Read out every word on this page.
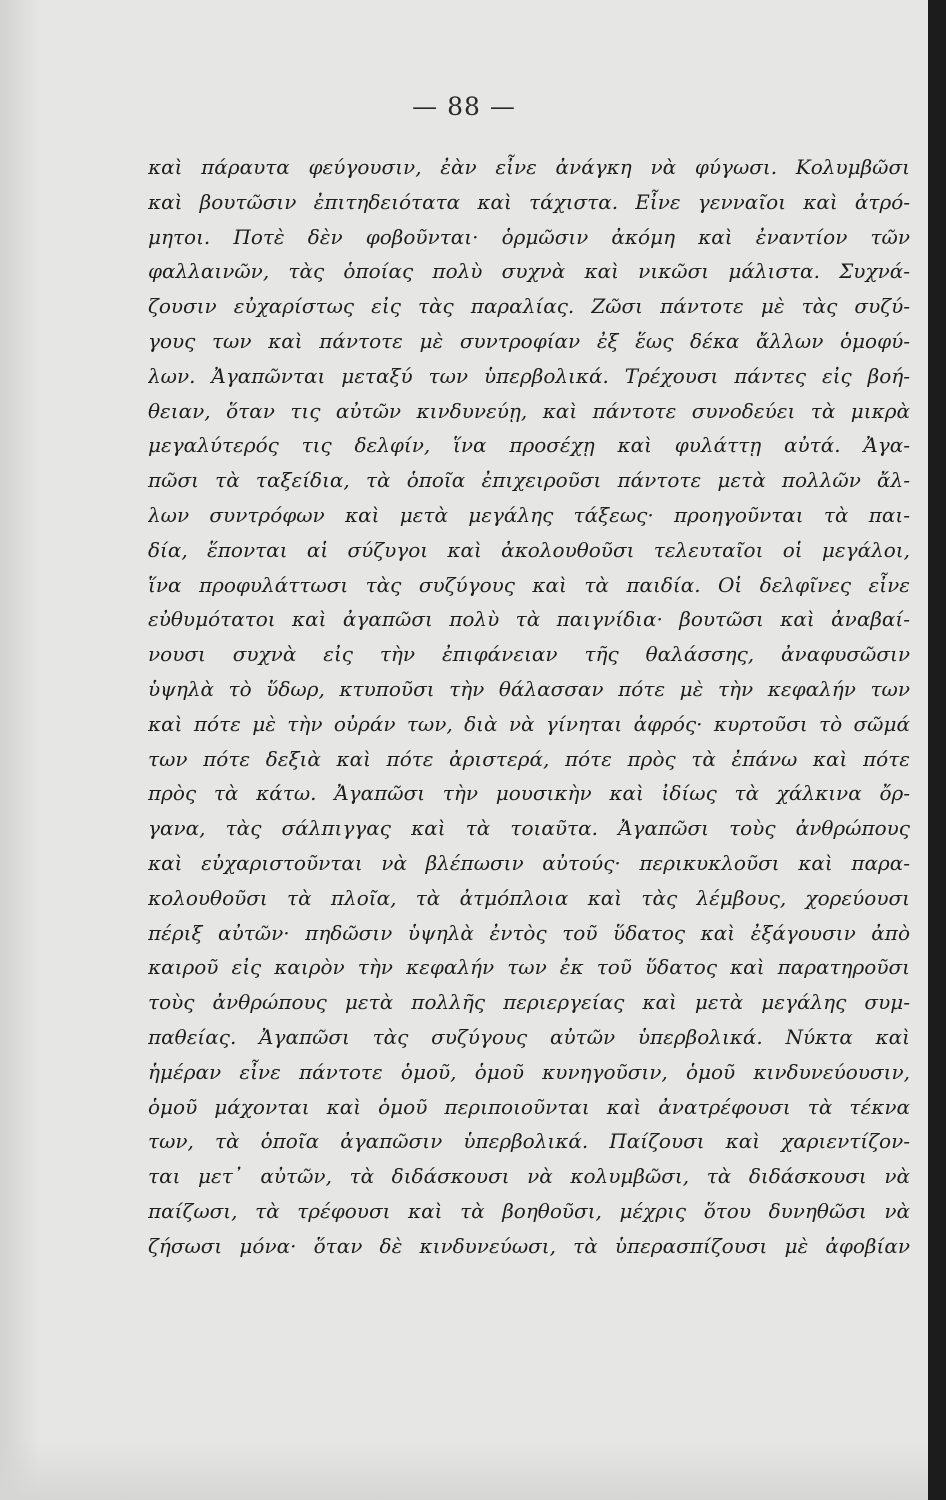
— 88 —
καὶ πάραυτα φεύγουσιν, ἐὰν εἶνε ἀνάγκη νὰ φύγωσι. Κολυμβῶσι
καὶ βουτῶσιν ἐπιτηδειότατα καὶ τάχιστα. Εἶνε γενναῖοι καὶ ἀτρό-
μητοι. Ποτὲ δὲν φοβοῦνται· ὁρμῶσιν ἀκόμη καὶ ἐναντίον τῶν
φαλλαινῶν, τὰς ὁποίας πολὺ συχνὰ καὶ νικῶσι μάλιστα. Συχνά-
ζουσιν εὐχαρίστως εἰς τὰς παραλίας. Ζῶσι πάντοτε μὲ τὰς συζύ-
γους των καὶ πάντοτε μὲ συντροφίαν ἐξ ἕως δέκα ἄλλων ὁμοφύ-
λων. Ἀγαπῶνται μεταξύ των ὑπερβολικά. Τρέχουσι πάντες εἰς βοή-
θειαν, ὅταν τις αὐτῶν κινδυνεύῃ, καὶ πάντοτε συνοδεύει τὰ μικρὰ
μεγαλύτερός τις δελφίν, ἵνα προσέχῃ καὶ φυλάττῃ αὐτά. Ἀγα-
πῶσι τὰ ταξείδια, τὰ ὁποῖα ἐπιχειροῦσι πάντοτε μετὰ πολλῶν ἄλ-
λων συντρόφων καὶ μετὰ μεγάλης τάξεως· προηγοῦνται τὰ παι-
δία, ἕπονται αἱ σύζυγοι καὶ ἀκολουθοῦσι τελευταῖοι οἱ μεγάλοι,
ἵνα προφυλάττωσι τὰς συζύγους καὶ τὰ παιδία. Οἱ δελφῖνες εἶνε
εὐθυμότατοι καὶ ἀγαπῶσι πολὺ τὰ παιγνίδια· βουτῶσι καὶ ἀναβαί-
νουσι συχνὰ εἰς τὴν ἐπιφάνειαν τῆς θαλάσσης, ἀναφυσῶσιν
ὑψηλὰ τὸ ὕδωρ, κτυποῦσι τὴν θάλασσαν πότε μὲ τὴν κεφαλήν των
καὶ πότε μὲ τὴν οὐράν των, διὰ νὰ γίνηται ἀφρός· κυρτοῦσι τὸ σῶμά
των πότε δεξιὰ καὶ πότε ἀριστερά, πότε πρὸς τὰ ἐπάνω καὶ πότε
πρὸς τὰ κάτω. Ἀγαπῶσι τὴν μουσικὴν καὶ ἰδίως τὰ χάλκινα ὄρ-
γανα, τὰς σάλπιγγας καὶ τὰ τοιαῦτα. Ἀγαπῶσι τοὺς ἀνθρώπους
καὶ εὐχαριστοῦνται νὰ βλέπωσιν αὐτούς· περικυκλοῦσι καὶ παρα-
κολουθοῦσι τὰ πλοῖα, τὰ ἀτμόπλοια καὶ τὰς λέμβους, χορεύουσι
πέριξ αὐτῶν· πηδῶσιν ὑψηλὰ ἐντὸς τοῦ ὕδατος καὶ ἐξάγουσιν ἀπὸ
καιροῦ εἰς καιρὸν τὴν κεφαλήν των ἐκ τοῦ ὕδατος καὶ παρατηροῦσι
τοὺς ἀνθρώπους μετὰ πολλῆς περιεργείας καὶ μετὰ μεγάλης συμ-
παθείας. Ἀγαπῶσι τὰς συζύγους αὐτῶν ὑπερβολικά. Νύκτα καὶ
ἡμέραν εἶνε πάντοτε ὁμοῦ, ὁμοῦ κυνηγοῦσιν, ὁμοῦ κινδυνεύουσιν,
ὁμοῦ μάχονται καὶ ὁμοῦ περιποιοῦνται καὶ ἀνατρέφουσι τὰ τέκνα
των, τὰ ὁποῖα ἀγαπῶσιν ὑπερβολικά. Παίζουσι καὶ χαριεντίζον-
ται μετ᾽ αὐτῶν, τὰ διδάσκουσι νὰ κολυμβῶσι, τὰ διδάσκουσι νὰ
παίζωσι, τὰ τρέφουσι καὶ τὰ βοηθοῦσι, μέχρις ὅτου δυνηθῶσι νὰ
ζήσωσι μόνα· ὅταν δὲ κινδυνεύωσι, τὰ ὑπερασπίζουσι μὲ ἀφοβίαν
